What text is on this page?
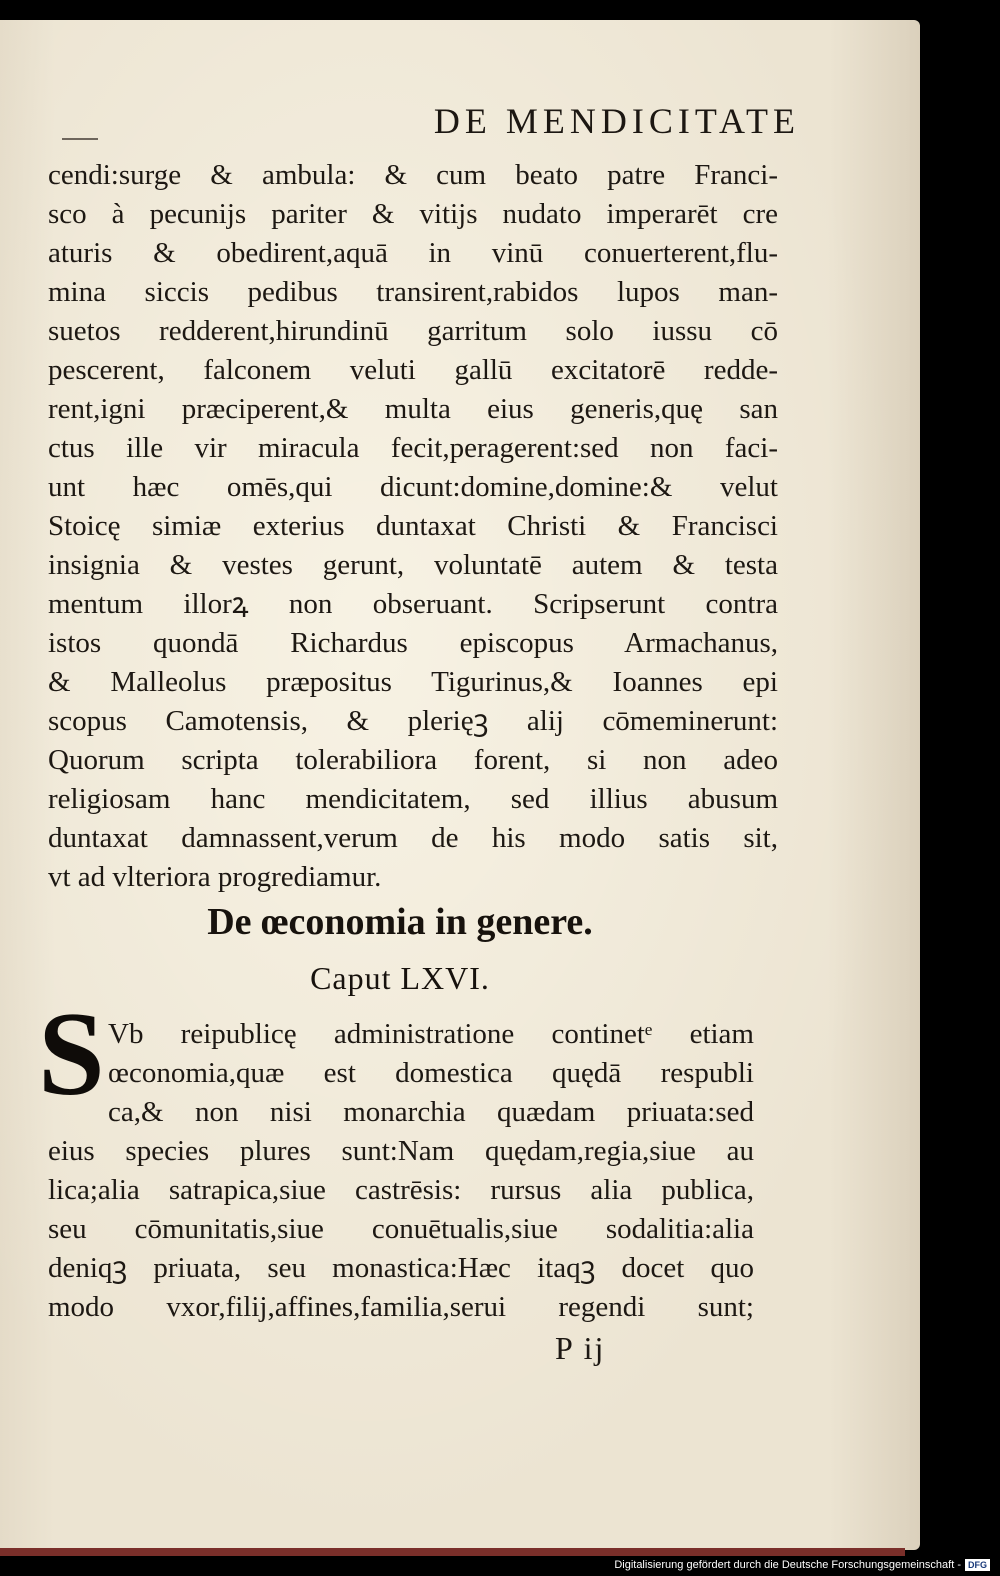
DE MENDICITATE
cendi:surge & ambula: & cum beato patre Franci-
sco à pecunijs pariter & vitijs nudato imperarēt cre
aturis & obedirent,aquā in vinū conuerterent,flu-
mina siccis pedibus transirent,rabidos lupos man-
suetos redderent,hirundinū garritum solo iussu cō
pescerent, falconem veluti gallū excitatorē redde-
rent,igni præciperent,& multa eius generis,quę san
ctus ille vir miracula fecit,peragerent:sed non faci-
unt hæc omēs,qui dicunt:domine,domine:& velut
Stoicę simiæ exterius duntaxat Christi & Francisci
insignia & vestes gerunt, voluntatē autem & testa
mentum illorꝝ non obseruant. Scripserunt contra
istos quondā Richardus episcopus Armachanus,
& Malleolus præpositus Tigurinus,& Ioannes epi
scopus Camotensis, & plerięꝫ alij cōmeminerunt:
Quorum scripta tolerabiliora forent, si non adeo
religiosam hanc mendicitatem, sed illius abusum
duntaxat damnassent,verum de his modo satis sit,
vt ad vlteriora progrediamur.
De œconomia in genere.
Caput LXVI.
S Vb reipublicę administratione continetᵉ etiam
œconomia,quæ est domestica quędā respubli
ca,& non nisi monarchia quædam priuata:sed
eius species plures sunt:Nam quędam,regia,siue au
lica;alia satrapica,siue castrēsis: rursus alia publica,
seu cōmunitatis,siue conuētualis,siue sodalitia:alia
deniqꝫ priuata, seu monastica:Hæc itaqꝫ docet quo
modo vxor,filij,affines,familia,serui regendi sunt;
P ij
Digitalisierung gefördert durch die Deutsche Forschungsgemeinschaft - DFG
